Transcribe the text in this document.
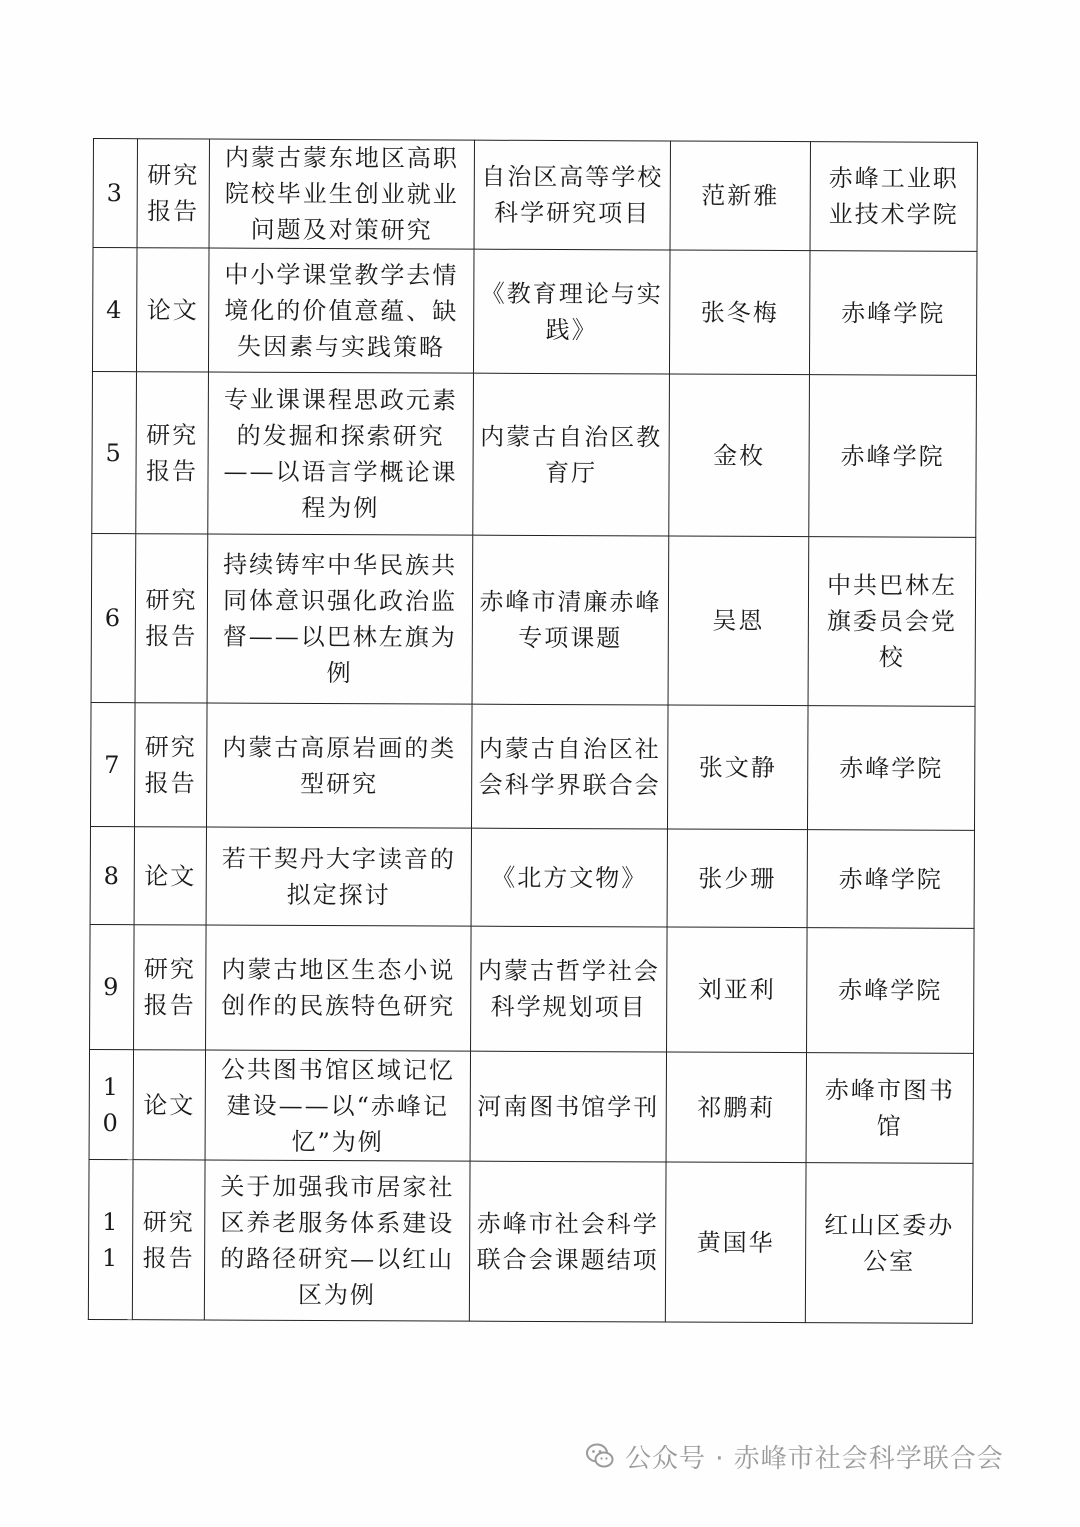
3	研究报告	内蒙古蒙东地区高职院校毕业生创业就业问题及对策研究	自治区高等学校科学研究项目	范新雅	赤峰工业职业技术学院
4	论文	中小学课堂教学去情境化的价值意蕴、缺失因素与实践策略	《教育理论与实践》	张冬梅	赤峰学院
5	研究报告	专业课课程思政元素的发掘和探索研究——以语言学概论课程为例	内蒙古自治区教育厅	金枚	赤峰学院
6	研究报告	持续铸牢中华民族共同体意识强化政治监督——以巴林左旗为例	赤峰市清廉赤峰专项课题	吴恩	中共巴林左旗委员会党校
7	研究报告	内蒙古高原岩画的类型研究	内蒙古自治区社会科学界联合会	张文静	赤峰学院
8	论文	若干契丹大字读音的拟定探讨	《北方文物》	张少珊	赤峰学院
9	研究报告	内蒙古地区生态小说创作的民族特色研究	内蒙古哲学社会科学规划项目	刘亚利	赤峰学院
10	论文	公共图书馆区域记忆建设——以“赤峰记忆”为例	河南图书馆学刊	祁鹏莉	赤峰市图书馆
11	研究报告	关于加强我市居家社区养老服务体系建设的路径研究—以红山区为例	赤峰市社会科学联合会课题结项	黄国华	红山区委办公室
公众号 · 赤峰市社会科学联合会
